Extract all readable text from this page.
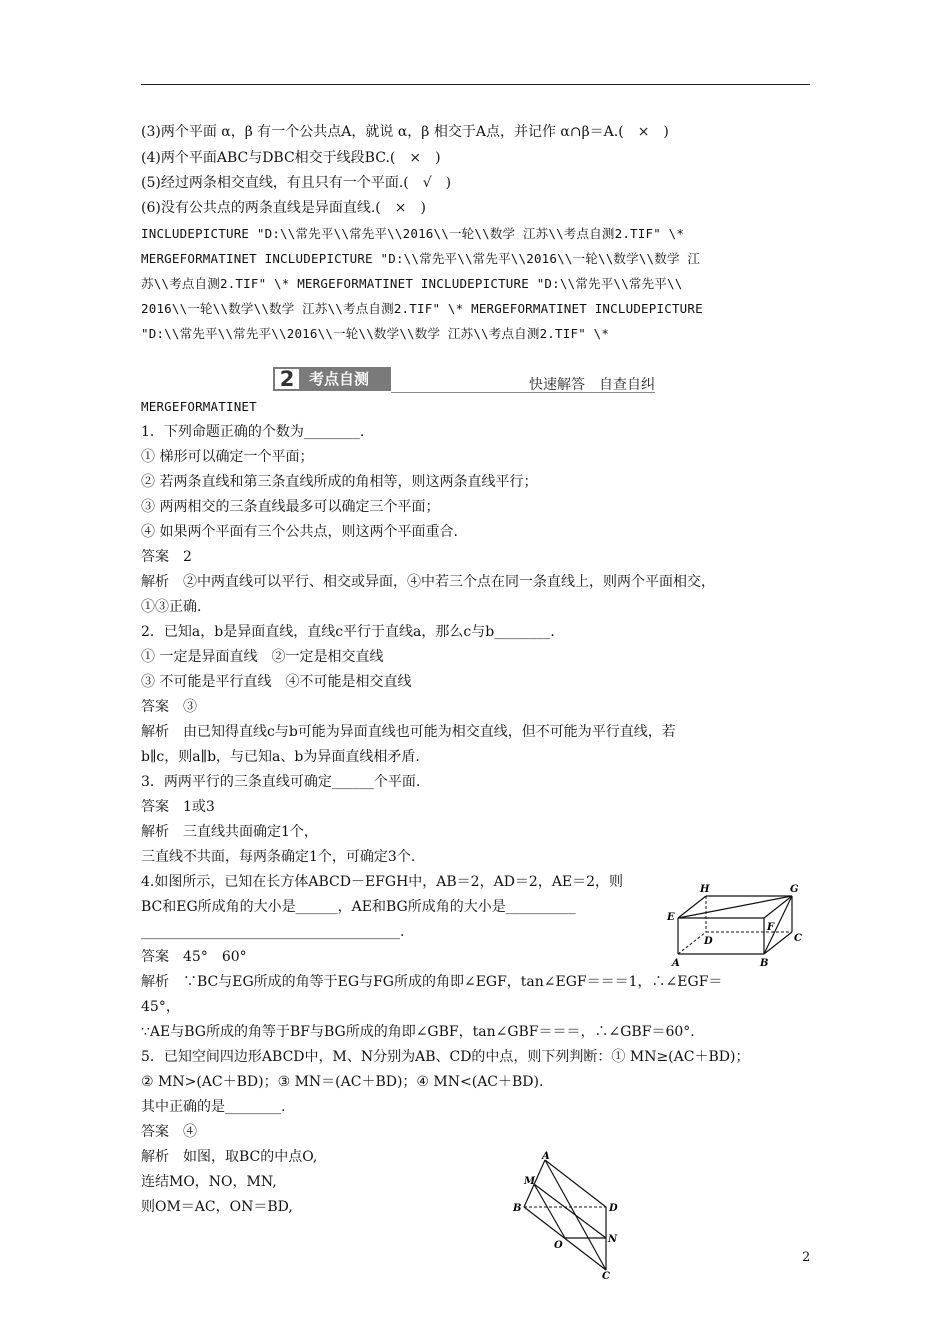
(3)两个平面 α，β 有一个公共点A，就说 α，β 相交于A点，并记作 α∩β＝A.(　×　)
(4)两个平面ABC与DBC相交于线段BC.(　×　)
(5)经过两条相交直线，有且只有一个平面.(　√　)
(6)没有公共点的两条直线是异面直线.(　×　)
INCLUDEPICTURE "D:\\常先平\\常先平\\2016\\一轮\\数学 江苏\\考点自测2.TIF" \*
MERGEFORMATINET INCLUDEPICTURE "D:\\常先平\\常先平\\2016\\一轮\\数学\\数学 江
苏\\考点自测2.TIF" \* MERGEFORMATINET INCLUDEPICTURE "D:\\常先平\\常先平\\
2016\\一轮\\数学\\数学 江苏\\考点自测2.TIF" \* MERGEFORMATINET INCLUDEPICTURE
"D:\\常先平\\常先平\\2016\\一轮\\数学\\数学 江苏\\考点自测2.TIF" \*
2 考点自测	快速解答　自查自纠
MERGEFORMATINET
1．下列命题正确的个数为________.
① 梯形可以确定一个平面；
② 若两条直线和第三条直线所成的角相等，则这两条直线平行；
③ 两两相交的三条直线最多可以确定三个平面；
④ 如果两个平面有三个公共点，则这两个平面重合.
答案　2
解析　②中两直线可以平行、相交或异面，④中若三个点在同一条直线上，则两个平面相交，
①③正确.
2．已知a，b是异面直线，直线c平行于直线a，那么c与b________.
① 一定是异面直线　②一定是相交直线
③ 不可能是平行直线　④不可能是相交直线
答案　③
解析　由已知得直线c与b可能为异面直线也可能为相交直线，但不可能为平行直线，若
b∥c，则a∥b，与已知a、b为异面直线相矛盾.
3．两两平行的三条直线可确定______个平面.
答案　1或3
解析　三直线共面确定1个，
三直线不共面，每两条确定1个，可确定3个.
4.如图所示，已知在长方体ABCD－EFGH中，AB＝2，AD＝2，AE＝2，则
BC和EG所成角的大小是______，AE和BG所成角的大小是__________
_____________________________________.
答案　45°　60°
解析　∵BC与EG所成的角等于EG与FG所成的角即∠EGF，tan∠EGF＝＝＝1，∴∠EGF＝
45°，
∵AE与BG所成的角等于BF与BG所成的角即∠GBF，tan∠GBF＝＝＝，∴∠GBF＝60°.
5．已知空间四边形ABCD中，M、N分别为AB、CD的中点，则下列判断：① MN≥(AC＋BD)；
② MN>(AC＋BD)；③ MN＝(AC＋BD)；④ MN<(AC＋BD).
其中正确的是________.
答案　④
解析　如图，取BC的中点O,
连结MO，NO，MN,
则OM＝AC，ON＝BD,
H	G
E
F
D	C
A	B
A
M
D
B
N
O
C
2
